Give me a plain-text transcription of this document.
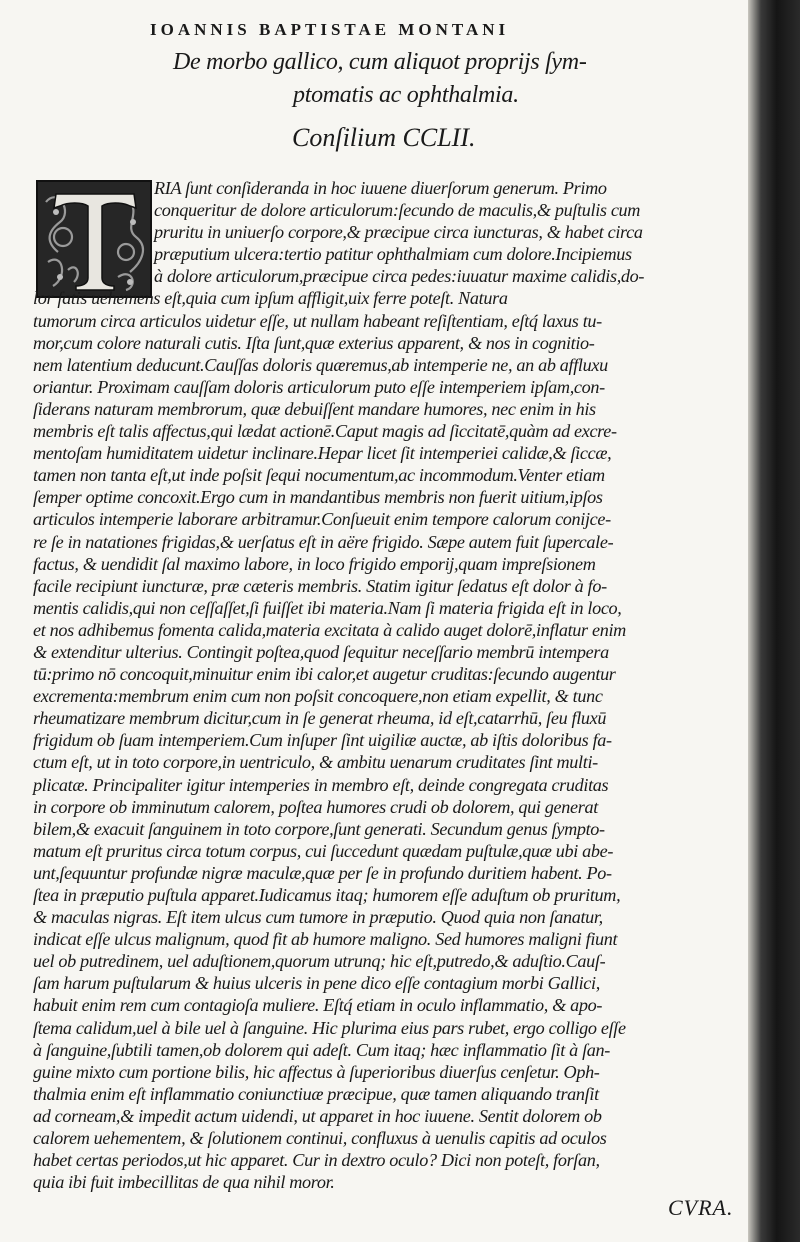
IOANNIS BAPTISTAE MONTANI
De morbo gallico, cum aliquot proprijs ſym-
ptomatis ac ophthalmia.
Conſilium CCLII.
RIA ſunt conſideranda in hoc iuuene diuerſorum generum. Primo
conqueritur de dolore articulorum:ſecundo de maculis,& puſtulis cum
pruritu in uniuerſo corpore,& præcipue circa iuncturas, & habet circa
præputium ulcera:tertio patitur ophthalmiam cum dolore.Incipiemus
à dolore articulorum,præcipue circa pedes:iuuatur maxime calidis,do-
lor ſatis uehemens eſt,quia cum ipſum affligit,uix ferre poteſt. Natura
tumorum circa articulos uidetur eſſe, ut nullam habeant reſiſtentiam, eſtq́ laxus tu-
mor,cum colore naturali cutis. Iſta ſunt,quæ exterius apparent, & nos in cognitio-
nem latentium deducunt.Cauſſas doloris quæremus,ab intemperie ne, an ab affluxu
oriantur. Proximam cauſſam doloris articulorum puto eſſe intemperiem ipſam,con-
ſiderans naturam membrorum, quæ debuiſſent mandare humores, nec enim in his
membris eſt talis affectus,qui lædat actionē.Caput magis ad ſiccitatē,quàm ad excre-
mentoſam humiditatem uidetur inclinare.Hepar licet ſit intemperiei calidæ,& ſiccæ,
tamen non tanta eſt,ut inde poſsit ſequi nocumentum,ac incommodum.Venter etiam
ſemper optime concoxit.Ergo cum in mandantibus membris non fuerit uitium,ipſos
articulos intemperie laborare arbitramur.Conſueuit enim tempore calorum conijce-
re ſe in natationes frigidas,& uerſatus eſt in aëre frigido. Sæpe autem fuit ſupercale-
factus, & uendidit ſal maximo labore, in loco frigido emporij,quam impreſsionem
facile recipiunt iuncturæ, præ cæteris membris. Statim igitur ſedatus eſt dolor à fo-
mentis calidis,qui non ceſſaſſet,ſi fuiſſet ibi materia.Nam ſi materia frigida eſt in loco,
et nos adhibemus fomenta calida,materia excitata à calido auget dolorē,inflatur enim
& extenditur ulterius. Contingit poſtea,quod ſequitur neceſſario membrū intempera
tū:primo nō concoquit,minuitur enim ibi calor,et augetur cruditas:ſecundo augentur
excrementa:membrum enim cum non poſsit concoquere,non etiam expellit, & tunc
rheumatizare membrum dicitur,cum in ſe generat rheuma, id eſt,catarrhū, ſeu fluxū
frigidum ob ſuam intemperiem.Cum inſuper ſint uigiliæ auctæ, ab iſtis doloribus fa-
ctum eſt, ut in toto corpore,in uentriculo, & ambitu uenarum cruditates ſint multi-
plicatæ. Principaliter igitur intemperies in membro eſt, deinde congregata cruditas
in corpore ob imminutum calorem, poſtea humores crudi ob dolorem, qui generat
bilem,& exacuit ſanguinem in toto corpore,ſunt generati. Secundum genus ſympto-
matum eſt pruritus circa totum corpus, cui ſuccedunt quædam puſtulæ,quæ ubi abe-
unt,ſequuntur profundæ nigræ maculæ,quæ per ſe in profundo duritiem habent. Po-
ſtea in præputio puſtula apparet.Iudicamus itaq; humorem eſſe aduſtum ob pruritum,
& maculas nigras. Eſt item ulcus cum tumore in præputio. Quod quia non ſanatur,
indicat eſſe ulcus malignum, quod fit ab humore maligno. Sed humores maligni fiunt
uel ob putredinem, uel aduſtionem,quorum utrunq; hic eſt,putredo,& aduſtio.Cauſ-
ſam harum puſtularum & huius ulceris in pene dico eſſe contagium morbi Gallici,
habuit enim rem cum contagioſa muliere. Eſtq́ etiam in oculo inflammatio, & apo-
ſtema calidum,uel à bile uel à ſanguine. Hic plurima eius pars rubet, ergo colligo eſſe
à ſanguine,ſubtili tamen,ob dolorem qui adeſt. Cum itaq; hæc inflammatio ſit à ſan-
guine mixto cum portione bilis, hic affectus à ſuperioribus diuerſus cenſetur. Oph-
thalmia enim eſt inflammatio coniunctiuæ præcipue, quæ tamen aliquando tranſit
ad corneam,& impedit actum uidendi, ut apparet in hoc iuuene. Sentit dolorem ob
calorem uehementem, & ſolutionem continui, confluxus à uenulis capitis ad oculos
habet certas periodos,ut hic apparet. Cur in dextro oculo? Dici non poteſt, forſan,
quia ibi fuit imbecillitas de qua nihil moror.
CVRA.
